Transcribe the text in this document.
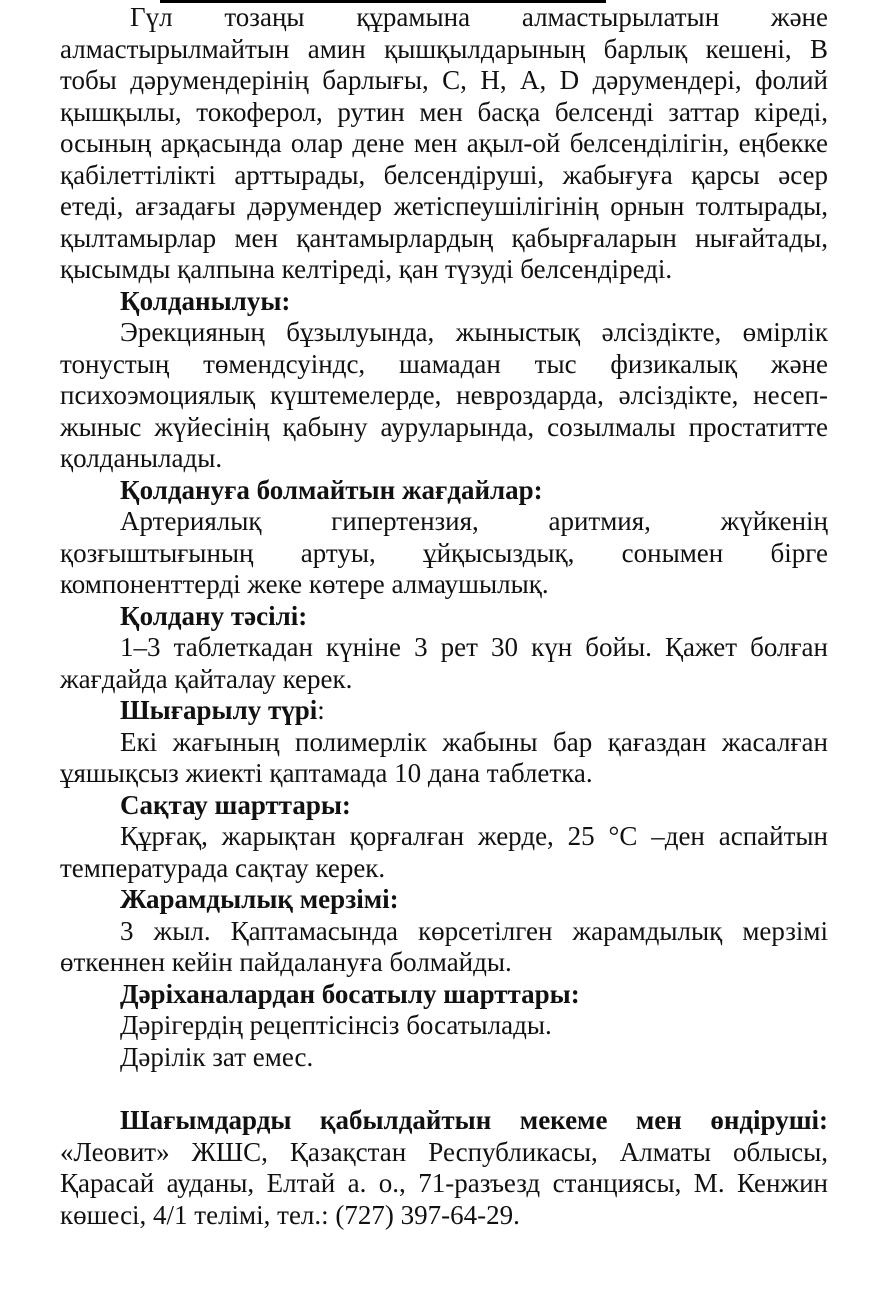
Гүл тозаңы құрамына алмастырылатын және алмастырылмайтын амин қышқылдарының барлық кешені, В тобы дәрумендерінің барлығы, С, Н, А, D дәрумендері, фолий қышқылы, токоферол, рутин мен басқа белсенді заттар кіреді, осының арқасында олар дене мен ақыл-ой белсенділігін, еңбекке қабілеттілікті арттырады, белсендіруші, жабығуға қарсы әсер етеді, ағзадағы дәрумендер жетіспеушілігінің орнын толтырады, қылтамырлар мен қантамырлардың қабырғаларын нығайтады, қысымды қалпына келтіреді, қан түзуді белсендіреді.

Қолданылуы:

Эрекцияның бұзылуында, жыныстық әлсіздікте, өмірлік тонустың төмендсуіндс, шамадан тыс физикалық және психоэмоциялық күштемелерде, невроздарда, әлсіздікте, несеп-жыныс жүйесінің қабыну ауруларында, созылмалы простатитте қолданылады.

Қолдануға болмайтын жағдайлар:

Артериялық гипертензия, аритмия, жүйкенің қозғыштығының артуы, ұйқысыздық, сонымен бірге компоненттерді жеке көтере алмаушылық.

Қолдану тәсілі:

1–3 таблеткадан күніне 3 рет 30 күн бойы. Қажет болған жағдайда қайталау керек.

Шығарылу түрі:

Екі жағының полимерлік жабыны бар қағаздан жасалған ұяшықсыз жиекті қаптамада 10 дана таблетка.

Сақтау шарттары:

Құрғақ, жарықтан қорғалған жерде, 25 °С –ден аспайтын температурада сақтау керек.

Жарамдылық мерзімі:

3 жыл. Қаптамасында көрсетілген жарамдылық мерзімі өткеннен кейін пайдалануға болмайды.

Дәріханалардан босатылу шарттары:
Дәрігердің рецептісінсіз босатылады.
Дәрілік зат емес.

Шағымдарды қабылдайтын мекеме мен өндіруші: «Леовит» ЖШС, Қазақстан Республикасы, Алматы облысы, Қарасай ауданы, Елтай а. о., 71-разъезд станциясы, М. Кенжин көшесі, 4/1 телімі, тел.: (727) 397-64-29.
